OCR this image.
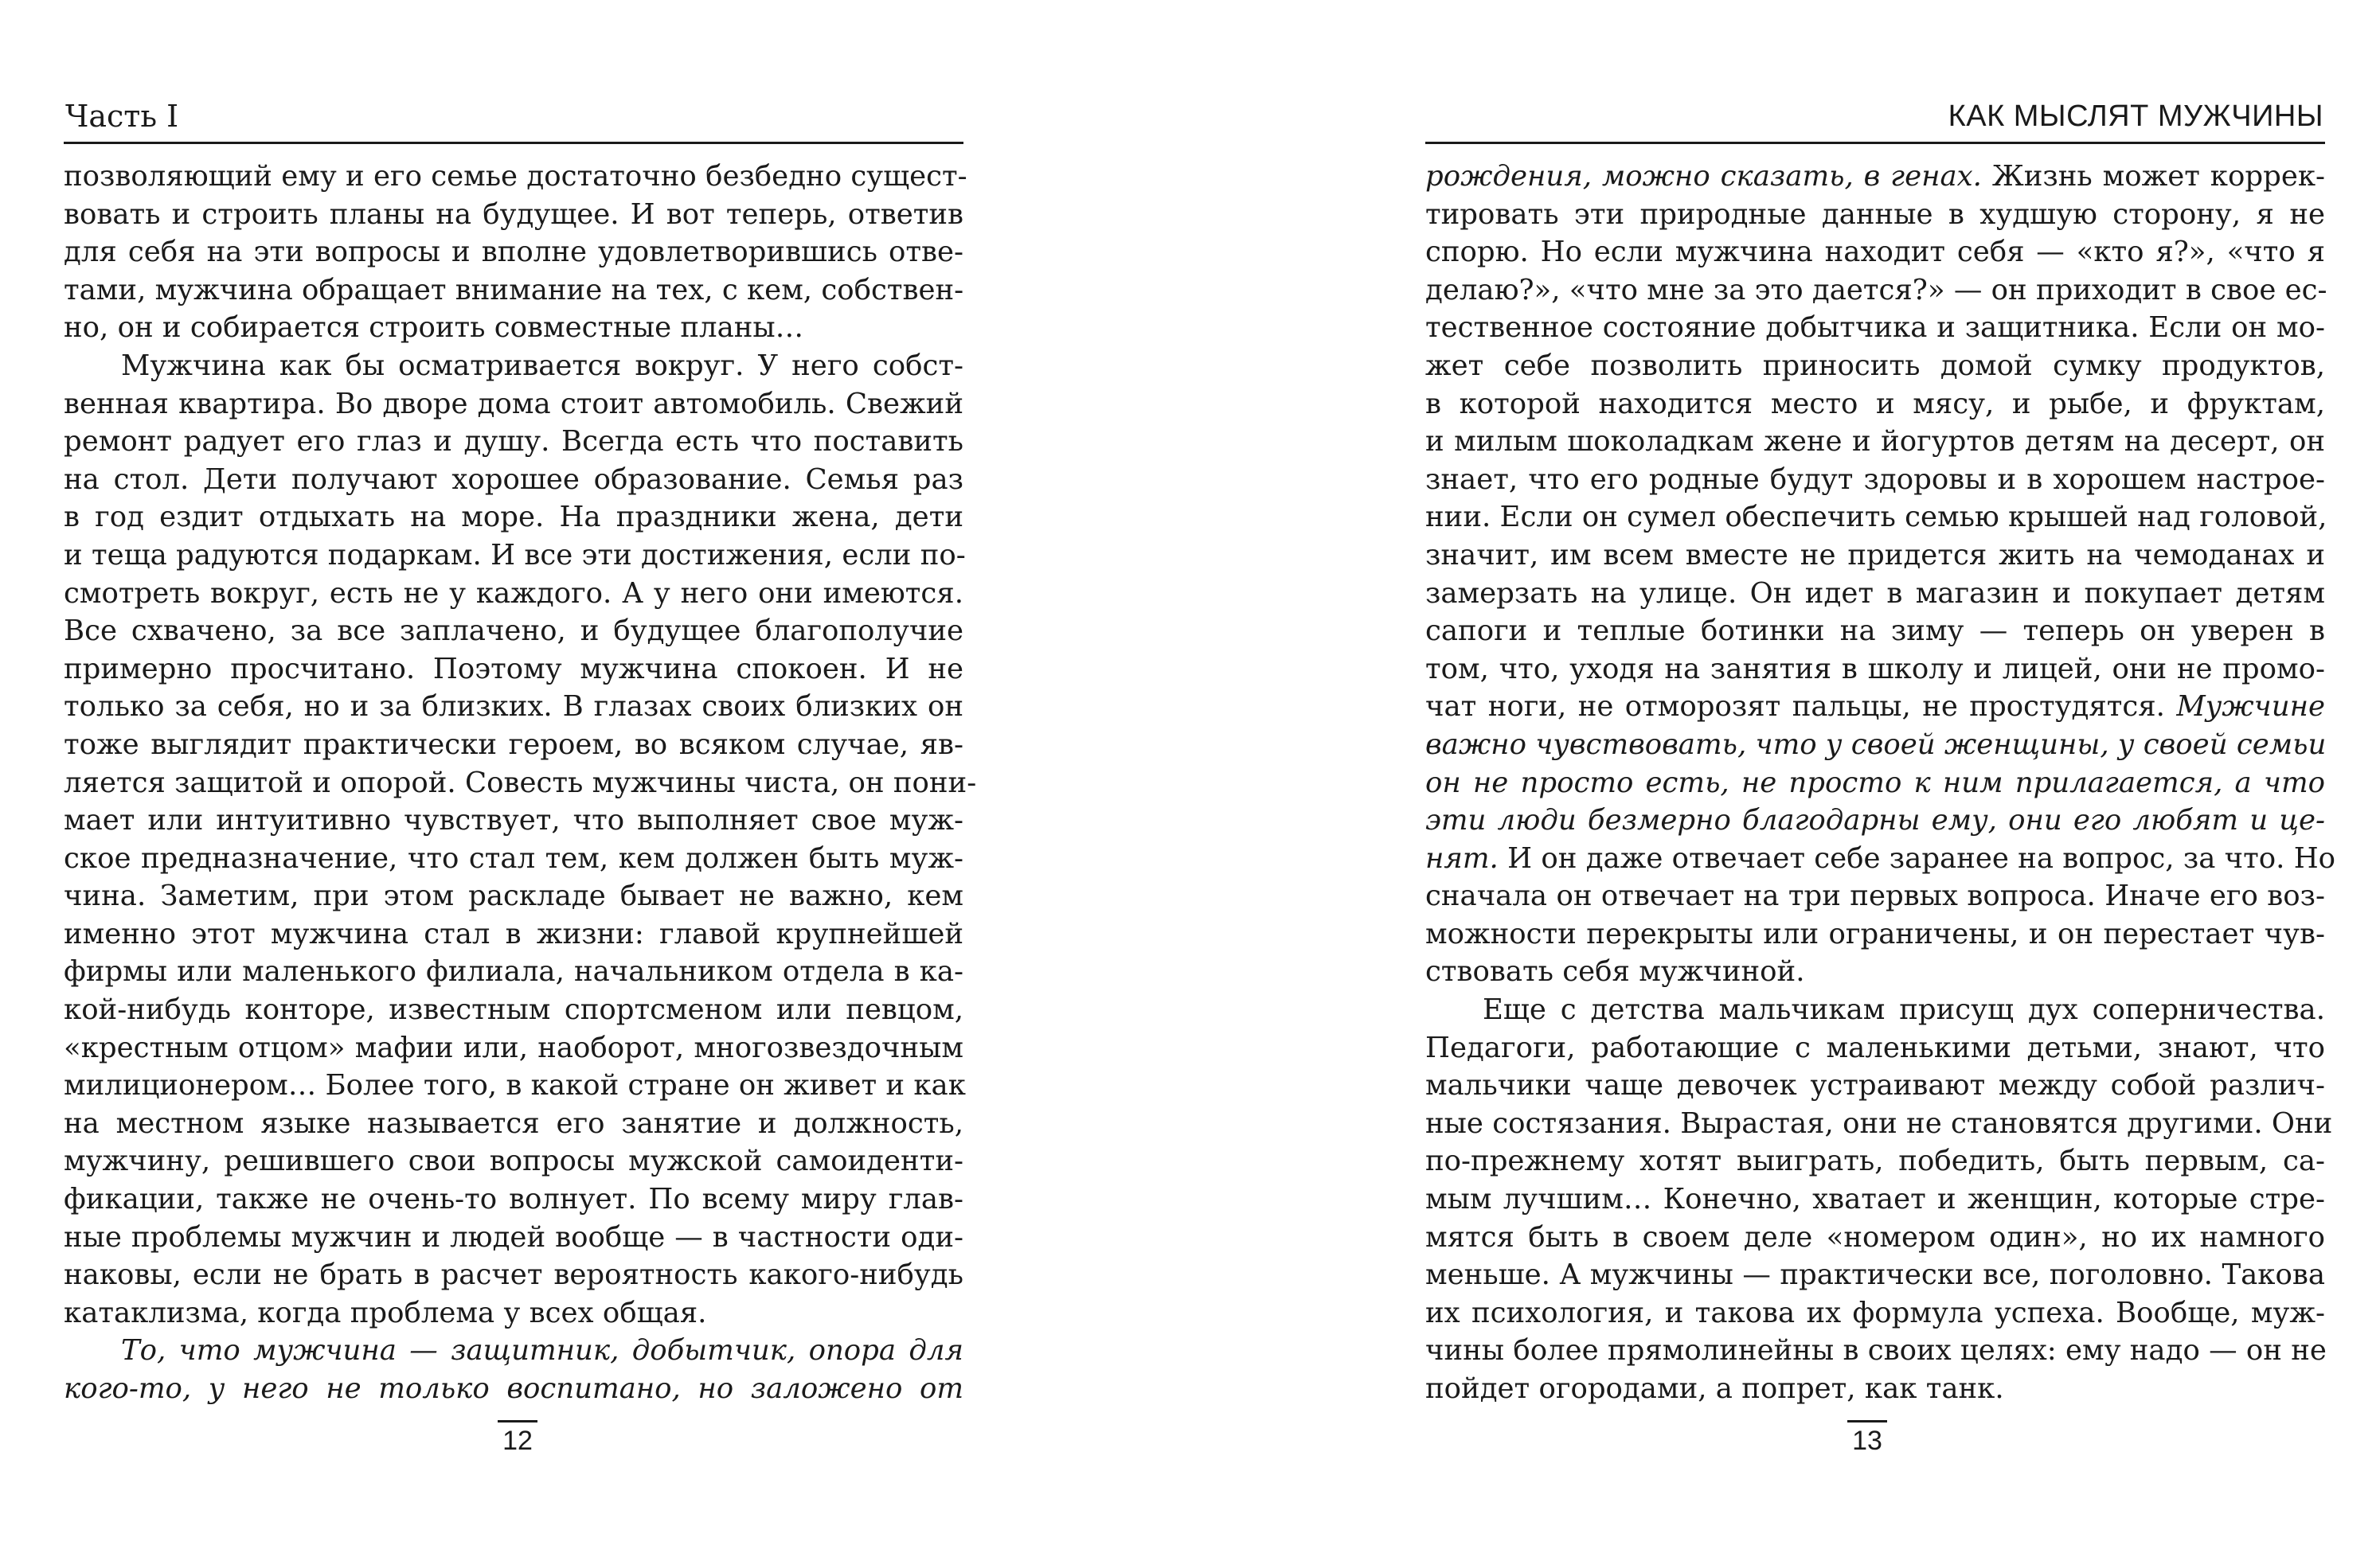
Часть I
позволяющий ему и его семье достаточно безбедно сущест-
вовать и строить планы на будущее. И вот теперь, ответив
для себя на эти вопросы и вполне удовлетворившись отве-
тами, мужчина обращает внимание на тех, с кем, собствен-
но, он и собирается строить совместные планы…
Мужчина как бы осматривается вокруг. У него собст-
венная квартира. Во дворе дома стоит автомобиль. Свежий
ремонт радует его глаз и душу. Всегда есть что поставить
на стол. Дети получают хорошее образование. Семья раз
в год ездит отдыхать на море. На праздники жена, дети
и теща радуются подаркам. И все эти достижения, если по-
смотреть вокруг, есть не у каждого. А у него они имеются.
Все схвачено, за все заплачено, и будущее благополучие
примерно просчитано. Поэтому мужчина спокоен. И не
только за себя, но и за близких. В глазах своих близких он
тоже выглядит практически героем, во всяком случае, яв-
ляется защитой и опорой. Совесть мужчины чиста, он пони-
мает или интуитивно чувствует, что выполняет свое муж-
ское предназначение, что стал тем, кем должен быть муж-
чина. Заметим, при этом раскладе бывает не важно, кем
именно этот мужчина стал в жизни: главой крупнейшей
фирмы или маленького филиала, начальником отдела в ка-
кой-нибудь конторе, известным спортсменом или певцом,
«крестным отцом» мафии или, наоборот, многозвездочным
милиционером… Более того, в какой стране он живет и как
на местном языке называется его занятие и должность,
мужчину, решившего свои вопросы мужской самоиденти-
фикации, также не очень-то волнует. По всему миру глав-
ные проблемы мужчин и людей вообще — в частности оди-
наковы, если не брать в расчет вероятность какого-нибудь
катаклизма, когда проблема у всех общая.
То, что мужчина — защитник, добытчик, опора для
кого-то, у него не только воспитано, но заложено от
12
КАК МЫСЛЯТ МУЖЧИНЫ
рождения, можно сказать, в генах. Жизнь может коррек-
тировать эти природные данные в худшую сторону, я не
спорю. Но если мужчина находит себя — «кто я?», «что я
делаю?», «что мне за это дается?» — он приходит в свое ес-
тественное состояние добытчика и защитника. Если он мо-
жет себе позволить приносить домой сумку продуктов,
в которой находится место и мясу, и рыбе, и фруктам,
и милым шоколадкам жене и йогуртов детям на десерт, он
знает, что его родные будут здоровы и в хорошем настрое-
нии. Если он сумел обеспечить семью крышей над головой,
значит, им всем вместе не придется жить на чемоданах и
замерзать на улице. Он идет в магазин и покупает детям
сапоги и теплые ботинки на зиму — теперь он уверен в
том, что, уходя на занятия в школу и лицей, они не промо-
чат ноги, не отморозят пальцы, не простудятся. Мужчине
важно чувствовать, что у своей женщины, у своей семьи
он не просто есть, не просто к ним прилагается, а что
эти люди безмерно благодарны ему, они его любят и це-
нят. И он даже отвечает себе заранее на вопрос, за что. Но
сначала он отвечает на три первых вопроса. Иначе его воз-
можности перекрыты или ограничены, и он перестает чув-
ствовать себя мужчиной.
Еще с детства мальчикам присущ дух соперничества.
Педагоги, работающие с маленькими детьми, знают, что
мальчики чаще девочек устраивают между собой различ-
ные состязания. Вырастая, они не становятся другими. Они
по-прежнему хотят выиграть, победить, быть первым, са-
мым лучшим… Конечно, хватает и женщин, которые стре-
мятся быть в своем деле «номером один», но их намного
меньше. А мужчины — практически все, поголовно. Такова
их психология, и такова их формула успеха. Вообще, муж-
чины более прямолинейны в своих целях: ему надо — он не
пойдет огородами, а попрет, как танк.
13
